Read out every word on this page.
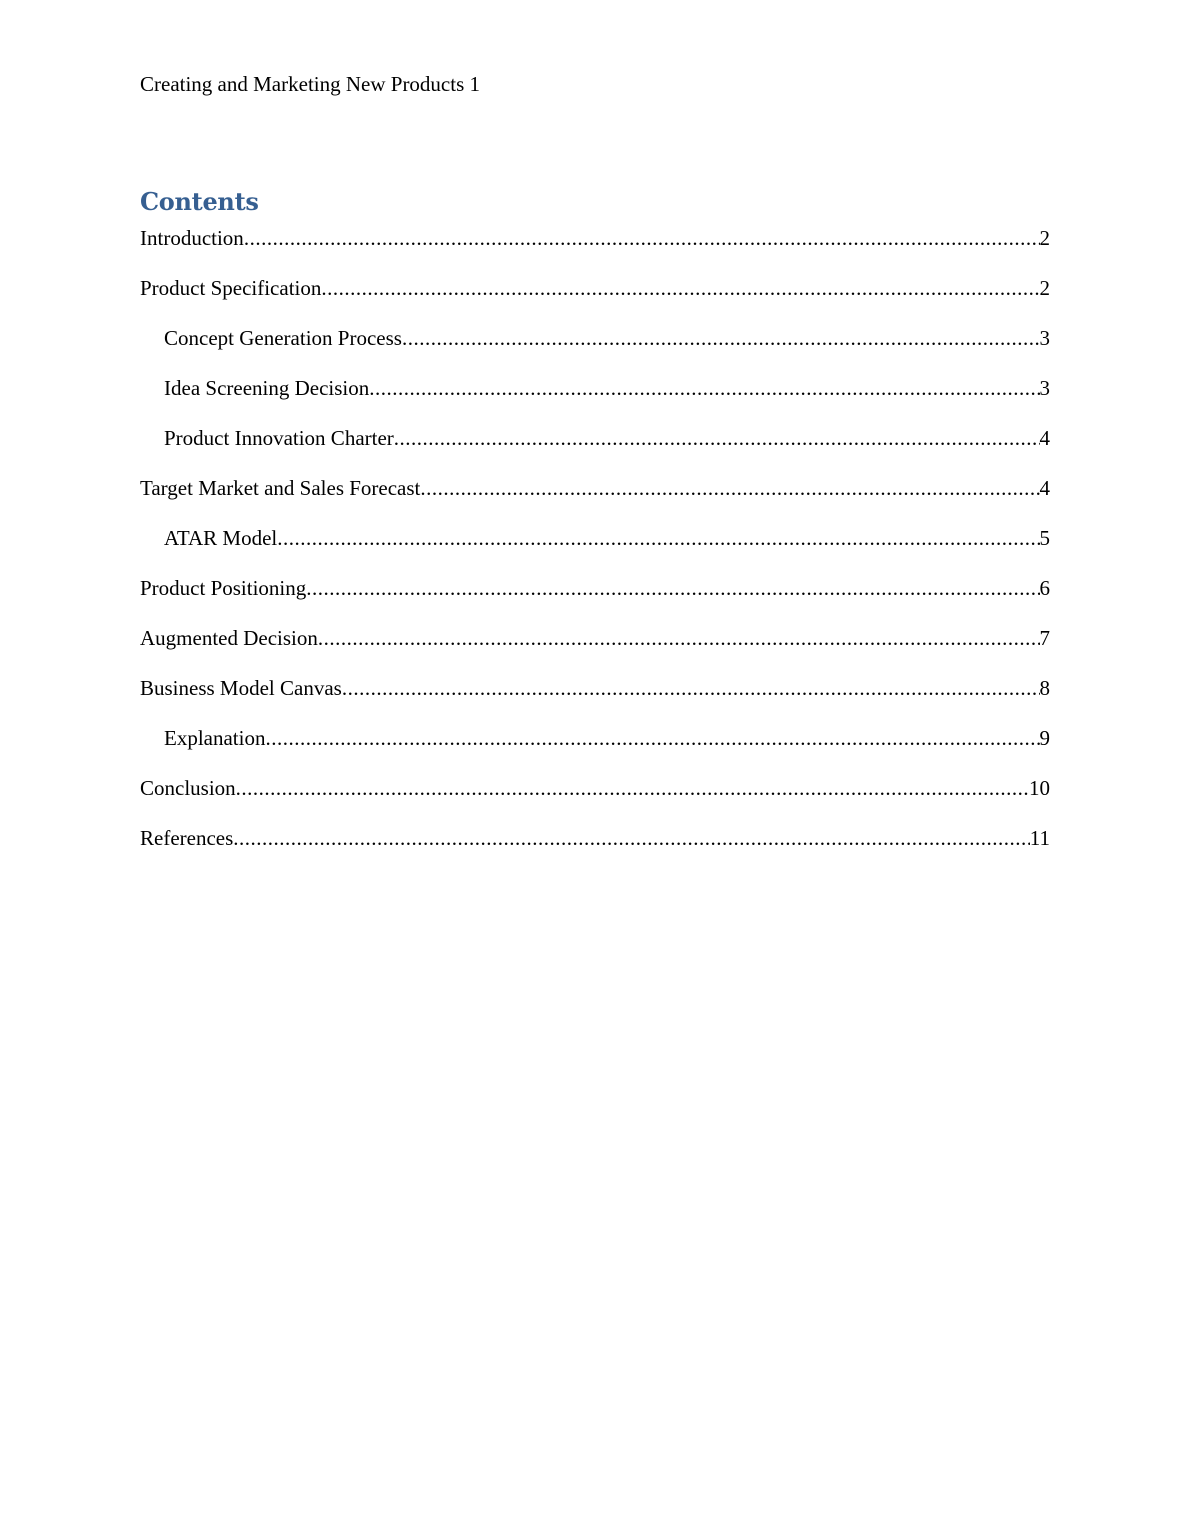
Creating and Marketing New Products 1
Contents
Introduction .....	2
Product Specification .....	2
Concept Generation Process .....	3
Idea Screening Decision .....	3
Product Innovation Charter .....	4
Target Market and Sales Forecast .....	4
ATAR Model .....	5
Product Positioning .....	6
Augmented Decision .....	7
Business Model Canvas .....	8
Explanation .....	9
Conclusion .....	10
References .....	11
